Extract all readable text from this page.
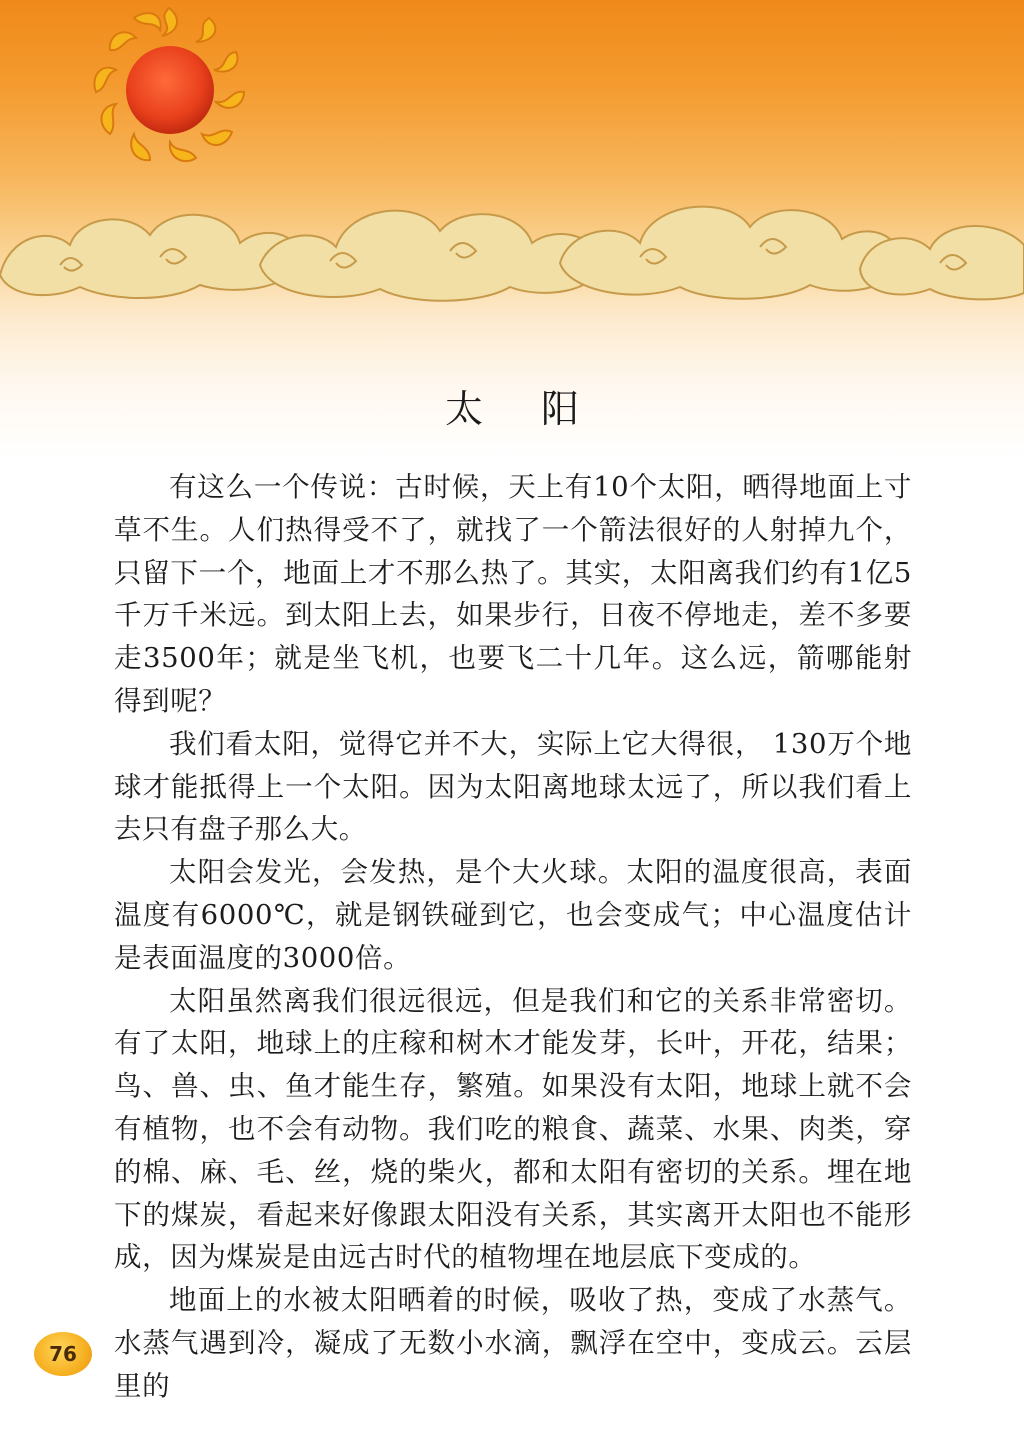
太阳

有这么一个传说：古时候，天上有10个太阳，晒得地面上寸草不生。人们热得受不了，就找了一个箭法很好的人射掉九个，只留下一个，地面上才不那么热了。其实，太阳离我们约有1亿5千万千米远。到太阳上去，如果步行，日夜不停地走，差不多要走3500年；就是坐飞机，也要飞二十几年。这么远，箭哪能射得到呢？

我们看太阳，觉得它并不大，实际上它大得很， 130万个地球才能抵得上一个太阳。因为太阳离地球太远了，所以我们看上去只有盘子那么大。

太阳会发光，会发热，是个大火球。太阳的温度很高，表面温度有6000℃，就是钢铁碰到它，也会变成气；中心温度估计是表面温度的3000倍。

太阳虽然离我们很远很远，但是我们和它的关系非常密切。有了太阳，地球上的庄稼和树木才能发芽，长叶，开花，结果；鸟、兽、虫、鱼才能生存，繁殖。如果没有太阳，地球上就不会有植物，也不会有动物。我们吃的粮食、蔬菜、水果、肉类，穿的棉、麻、毛、丝，烧的柴火，都和太阳有密切的关系。埋在地下的煤炭，看起来好像跟太阳没有关系，其实离开太阳也不能形成，因为煤炭是由远古时代的植物埋在地层底下变成的。

地面上的水被太阳晒着的时候，吸收了热，变成了水蒸气。水蒸气遇到冷，凝成了无数小水滴，飘浮在空中，变成云。云层里的

76
